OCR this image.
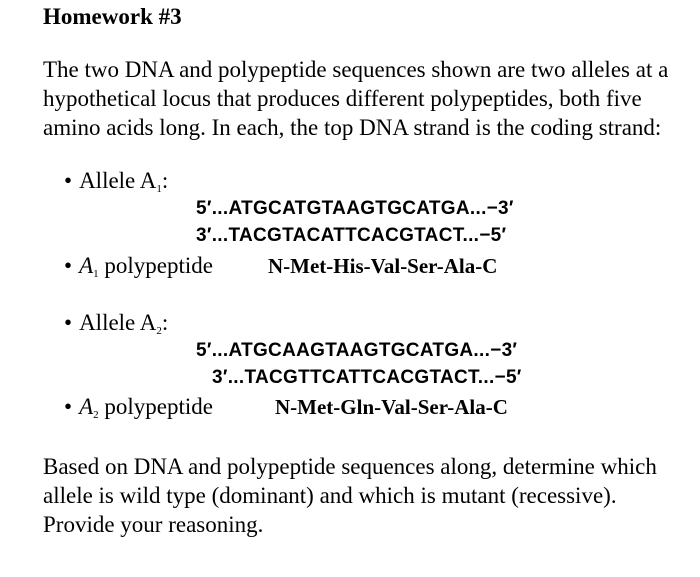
Homework #3
The two DNA and polypeptide sequences shown are two alleles at a hypothetical locus that produces different polypeptides, both five amino acids long. In each, the top DNA strand is the coding strand:
• Allele $A_1$:
5′...ATGCATGTAAGTGCATGA...−3′
3′...TACGTACATTCACGTACT...−5′
• $A_1$ polypeptide	N-Met-His-Val-Ser-Ala-C
• Allele $A_2$:
5′...ATGCAAGTAAGTGCATGA...−3′
3′...TACGTTCATTCACGTACT...−5′
• $A_2$ polypeptide	N-Met-Gln-Val-Ser-Ala-C
Based on DNA and polypeptide sequences along, determine which allele is wild type (dominant) and which is mutant (recessive). Provide your reasoning.
